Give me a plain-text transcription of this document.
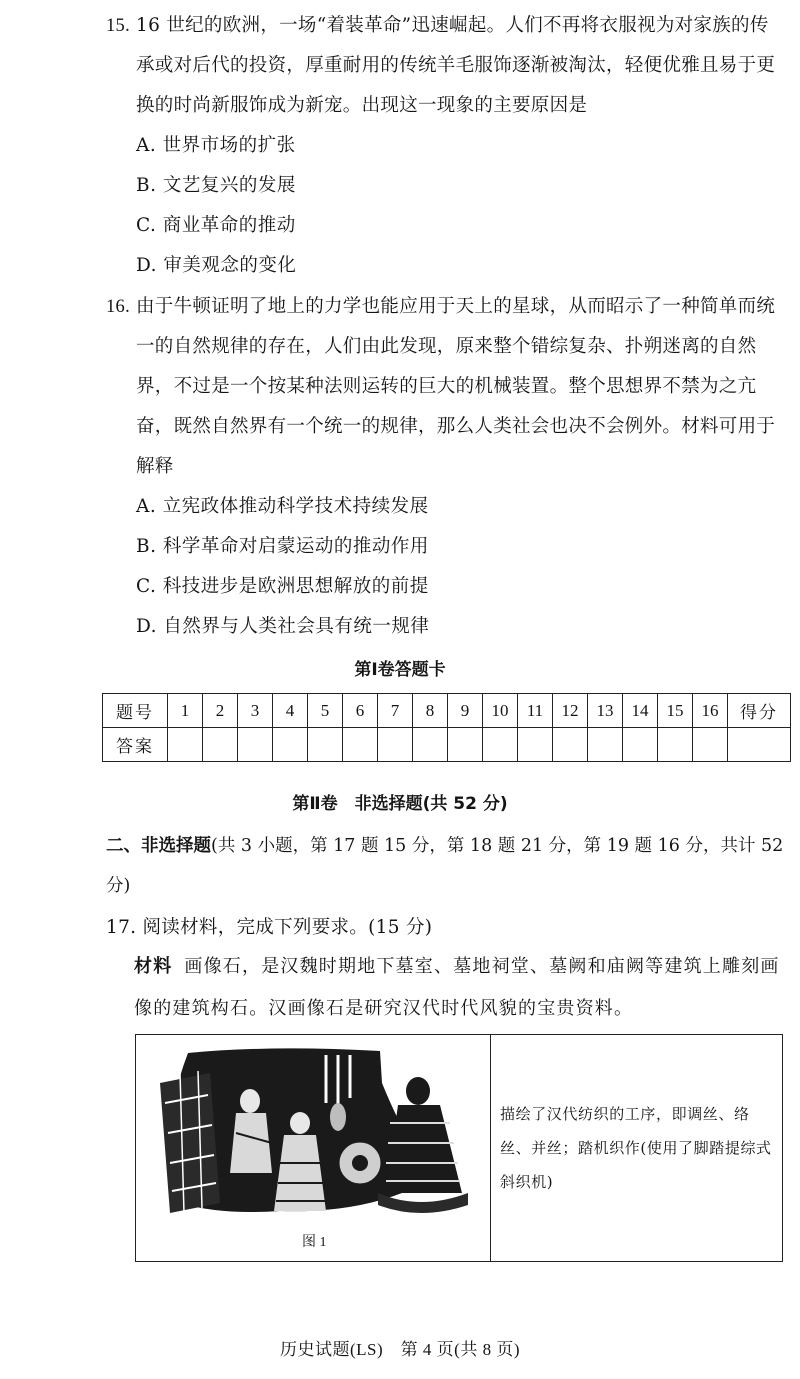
15. 16 世纪的欧洲，一场“着装革命”迅速崛起。人们不再将衣服视为对家族的传承或对后代的投资，厚重耐用的传统羊毛服饰逐渐被淘汰，轻便优雅且易于更换的时尚新服饰成为新宠。出现这一现象的主要原因是
A. 世界市场的扩张
B. 文艺复兴的发展
C. 商业革命的推动
D. 审美观念的变化
16. 由于牛顿证明了地上的力学也能应用于天上的星球，从而昭示了一种简单而统一的自然规律的存在，人们由此发现，原来整个错综复杂、扑朔迷离的自然界，不过是一个按某种法则运转的巨大的机械装置。整个思想界不禁为之亢奋，既然自然界有一个统一的规律，那么人类社会也决不会例外。材料可用于解释
A. 立宪政体推动科学技术持续发展
B. 科学革命对启蒙运动的推动作用
C. 科技进步是欧洲思想解放的前提
D. 自然界与人类社会具有统一规律
第Ⅰ卷答题卡
题号	1	2	3	4	5	6	7	8	9	10	11	12	13	14	15	16	得分
答案																	
第Ⅱ卷　非选择题(共 52 分)
二、非选择题(共 3 小题，第 17 题 15 分，第 18 题 21 分，第 19 题 16 分，共计 52 分)
17. 阅读材料，完成下列要求。(15 分)
材料 画像石，是汉魏时期地下墓室、墓地祠堂、墓阙和庙阙等建筑上雕刻画像的建筑构石。汉画像石是研究汉代时代风貌的宝贵资料。
图 1
描绘了汉代纺织的工序，即调丝、络丝、并丝；踏机织作(使用了脚踏提综式斜织机)
历史试题(LS)　第 4 页(共 8 页)
